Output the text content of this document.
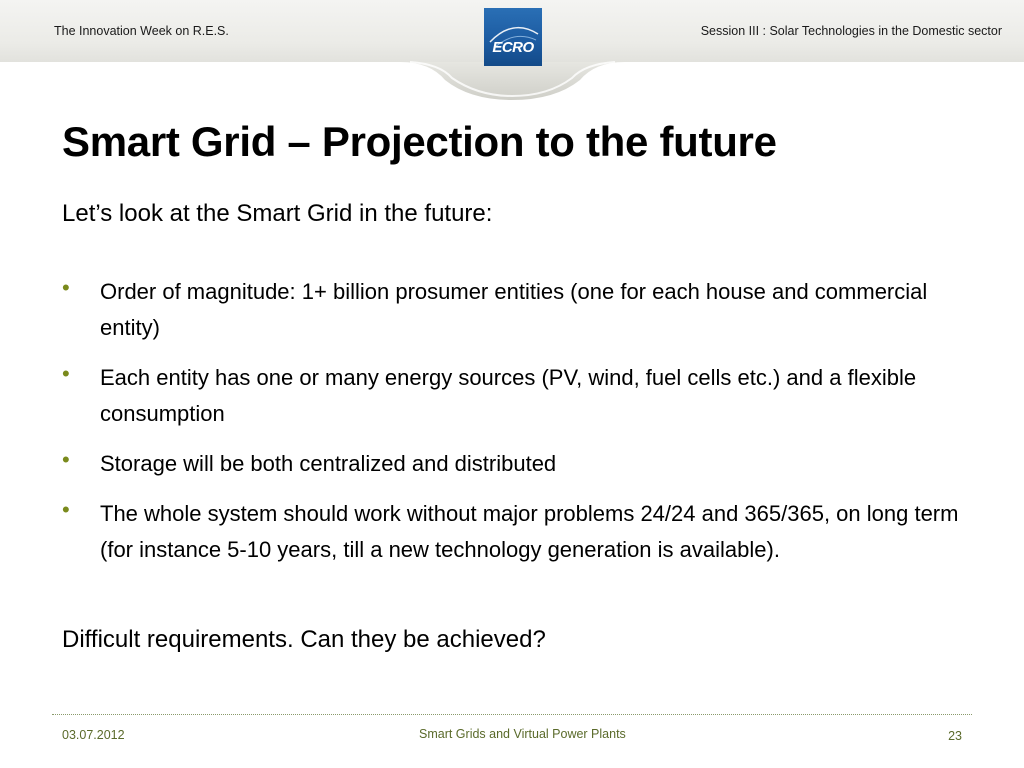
The Innovation Week on R.E.S.	Session III : Solar Technologies in the Domestic sector
ECRO
Smart Grid – Projection to the future
Let’s look at the Smart Grid in the future:
• Order of magnitude: 1+ billion prosumer entities (one for each house and commercial entity)
• Each entity has one or many energy sources (PV, wind, fuel cells etc.) and a flexible consumption
• Storage will be both centralized and distributed
• The whole system should work without major problems 24/24 and 365/365, on long term (for instance 5-10 years, till a new technology generation is available).
Difficult requirements. Can they be achieved?
03.07.2012	Smart Grids and Virtual Power Plants	23
